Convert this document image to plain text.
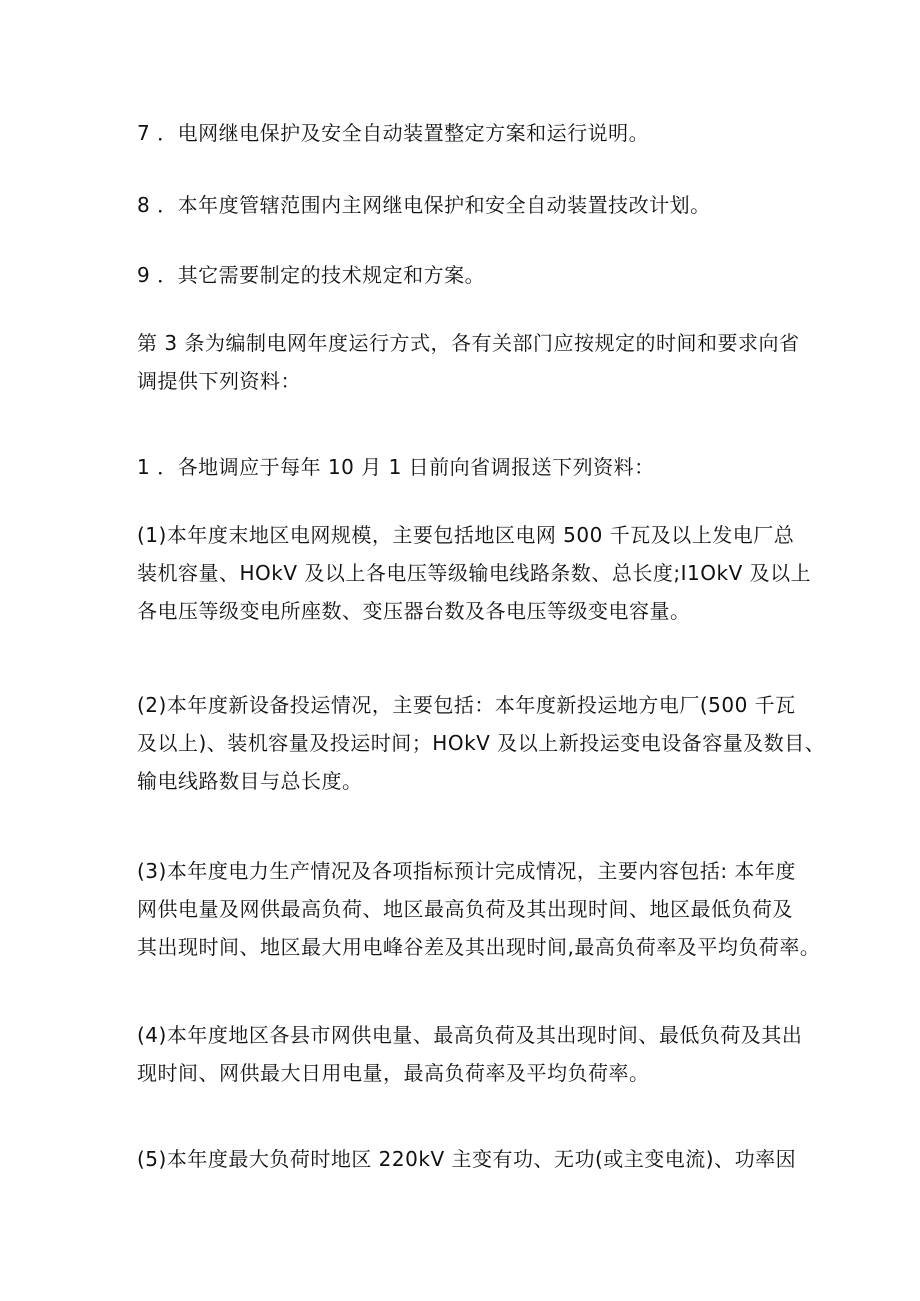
7 ．电网继电保护及安全自动装置整定方案和运行说明。

8 ．本年度管辖范围内主网继电保护和安全自动装置技改计划。

9 ．其它需要制定的技术规定和方案。

第 3 条为编制电网年度运行方式，各有关部门应按规定的时间和要求向省
调提供下列资料：

1 ．各地调应于每年 10 月 1 日前向省调报送下列资料：

(1)本年度末地区电网规模，主要包括地区电网 500 千瓦及以上发电厂总
装机容量、HOkV 及以上各电压等级输电线路条数、总长度;I1OkV 及以上
各电压等级变电所座数、变压器台数及各电压等级变电容量。

(2)本年度新设备投运情况，主要包括：本年度新投运地方电厂(500 千瓦
及以上)、装机容量及投运时间；HOkV 及以上新投运变电设备容量及数目、
输电线路数目与总长度。

(3)本年度电力生产情况及各项指标预计完成情况，主要内容包括: 本年度
网供电量及网供最高负荷、地区最高负荷及其出现时间、地区最低负荷及
其出现时间、地区最大用电峰谷差及其出现时间,最高负荷率及平均负荷率。

(4)本年度地区各县市网供电量、最高负荷及其出现时间、最低负荷及其出
现时间、网供最大日用电量，最高负荷率及平均负荷率。

(5)本年度最大负荷时地区 220kV 主变有功、无功(或主变电流)、功率因
